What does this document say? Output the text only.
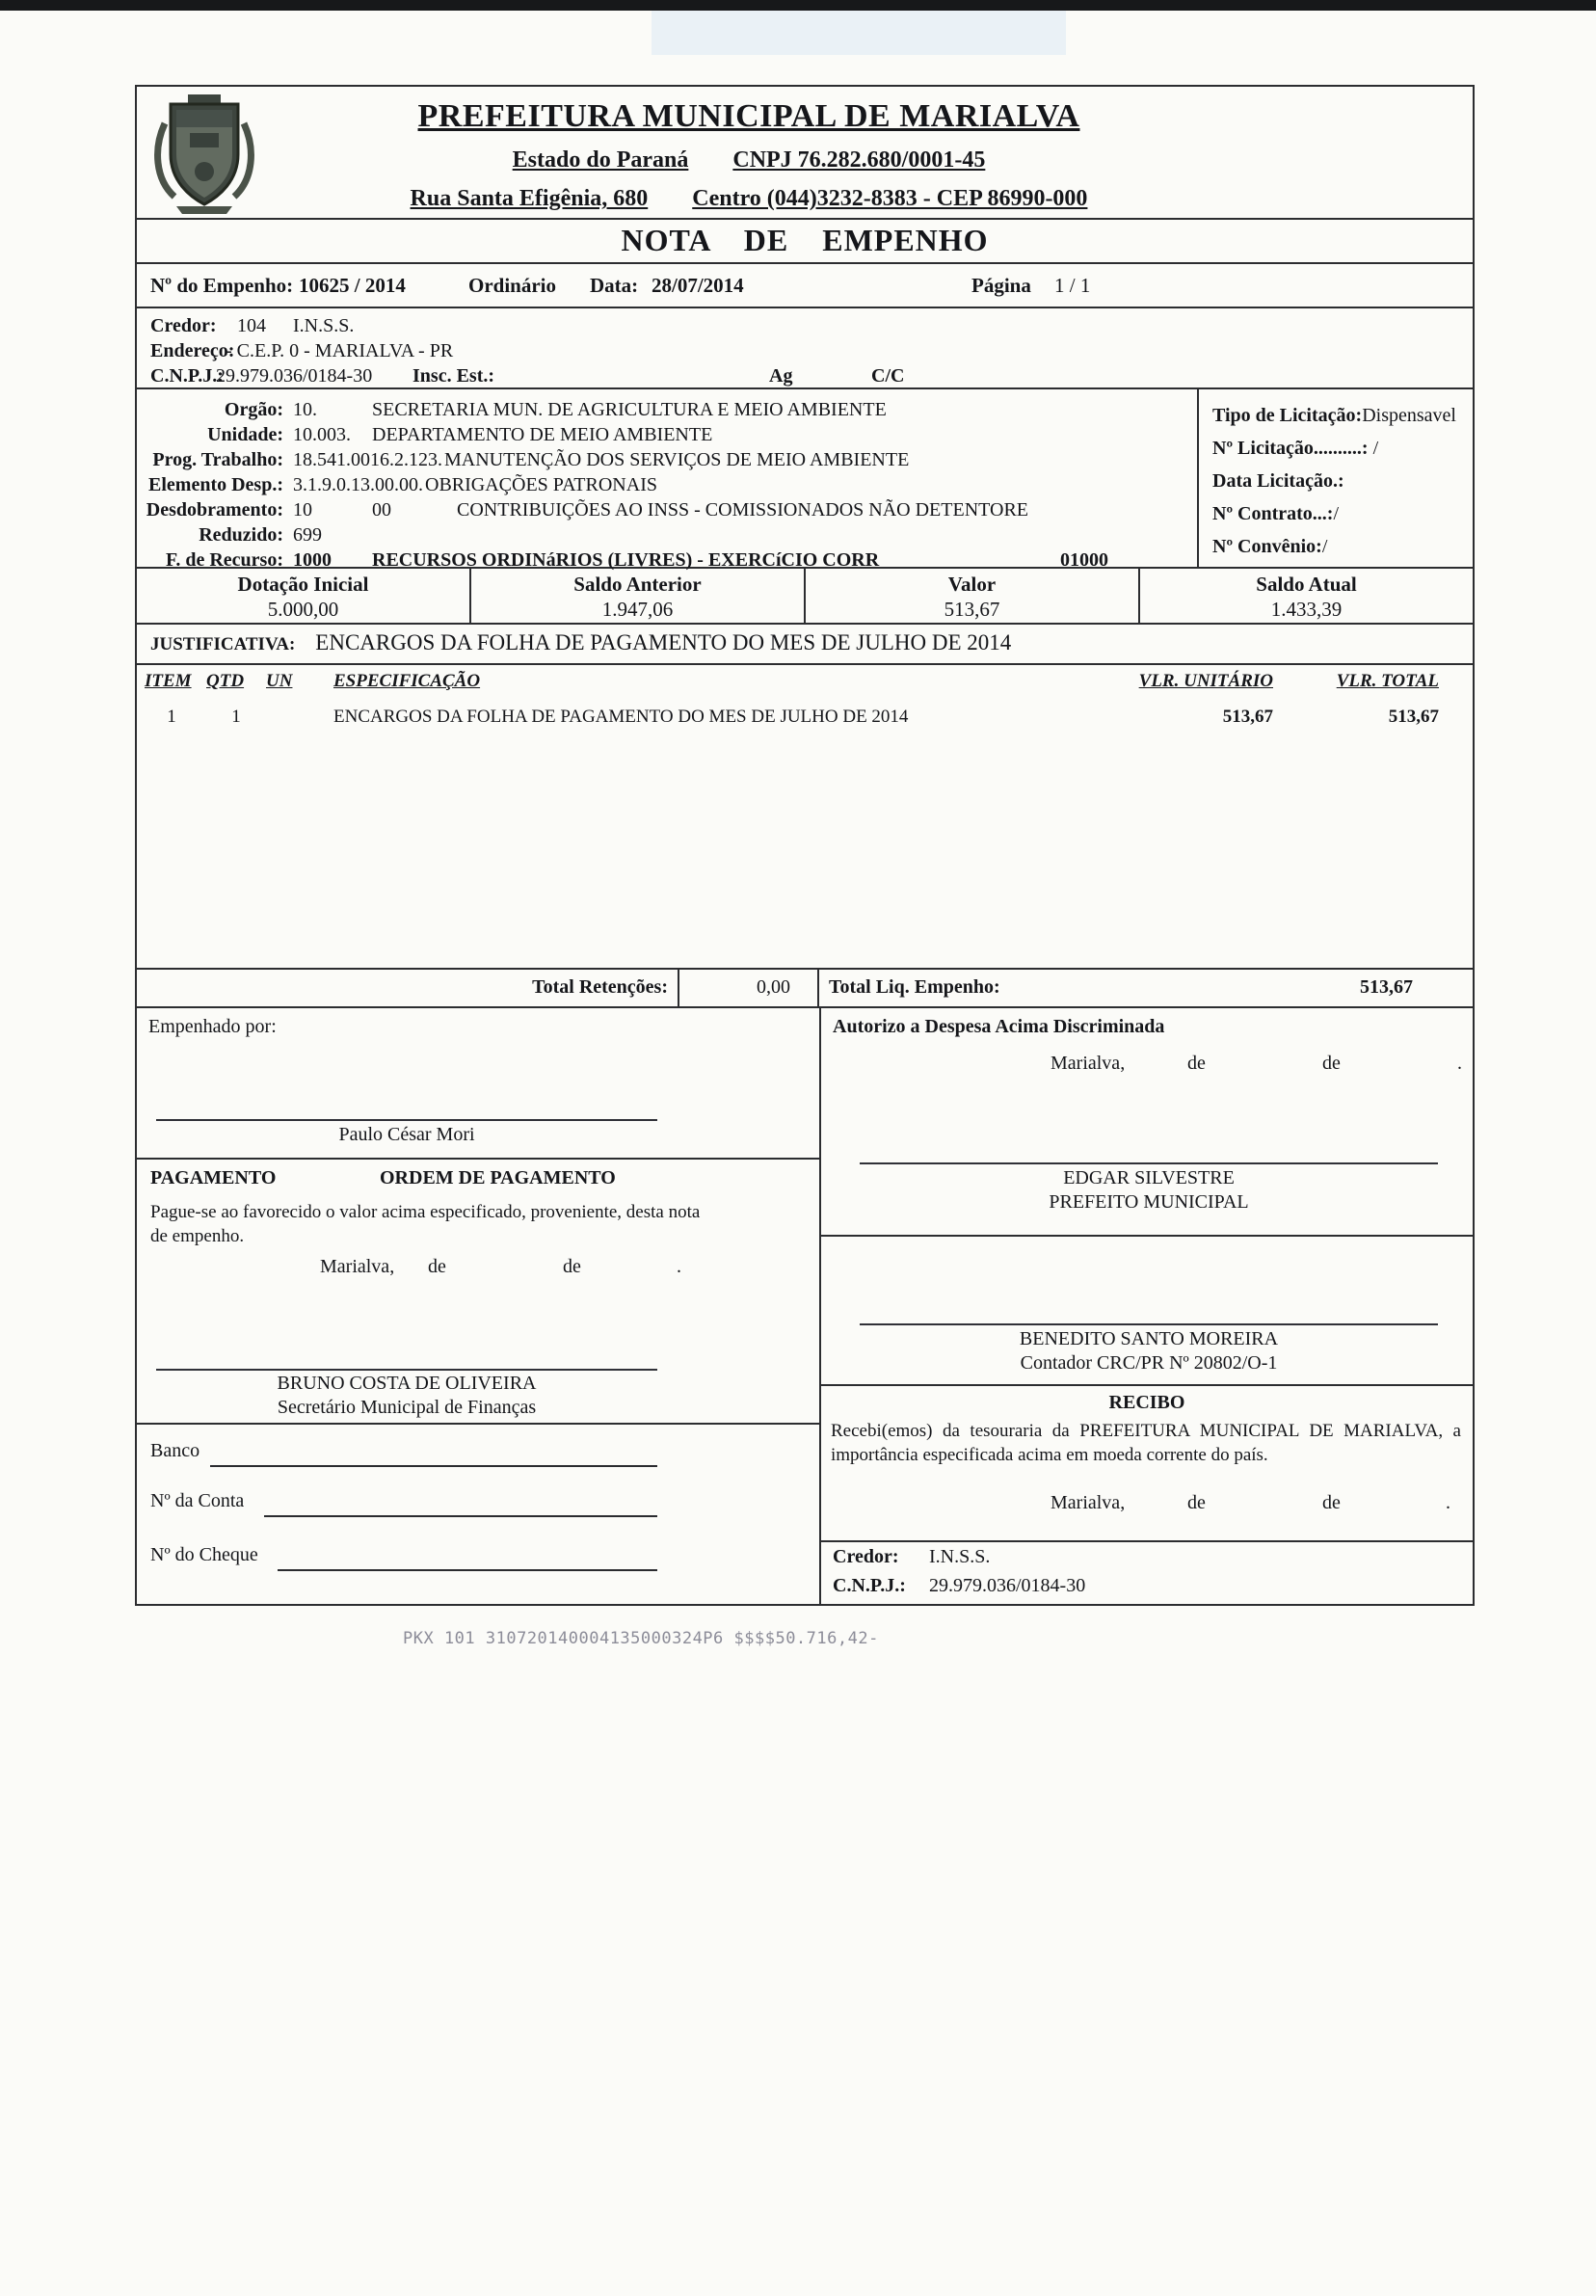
PREFEITURA MUNICIPAL DE MARIALVA
Estado do Paraná CNPJ 76.282.680/0001-45
Rua Santa Efigênia, 680 Centro (044)3232-8383 - CEP 86990-000
NOTA DE EMPENHO
Nº do Empenho: 10625 / 2014	Ordinário Data: 28/07/2014	Página 1 / 1
Credor: 104 I.N.S.S.
Endereço:
- C.E.P. 0 - MARIALVA - PR
C.N.P.J.:
29.979.036/0184-30 Insc. Est.:	Ag	C/C
Orgão: 10.	SECRETARIA MUN. DE AGRICULTURA E MEIO AMBIENTE
Unidade: 10.003.	DEPARTAMENTO DE MEIO AMBIENTE
Prog. Trabalho: 18.541.0016.2.123. MANUTENÇÃO DOS SERVIÇOS DE MEIO AMBIENTE
Elemento Desp.: 3.1.9.0.13.00.00. OBRIGAÇÕES PATRONAIS
Desdobramento: 10	00	CONTRIBUIÇÕES AO INSS - COMISSIONADOS NÃO DETENTORE
Reduzido: 699
F. de Recurso: 1000	RECURSOS ORDINáRIOS (LIVRES) - EXERCíCIO CORR	01000
Tipo de Licitação:Dispensavel
Nº Licitação..........: /
Data Licitação.:
Nº Contrato...:/
Nº Convênio:/
Dotação Inicial
5.000,00
Saldo Anterior
1.947,06
Valor
513,67
Saldo Atual
1.433,39
JUSTIFICATIVA: ENCARGOS DA FOLHA DE PAGAMENTO DO MES DE JULHO DE 2014
ITEM QTD	UN	ESPECIFICAÇÃO	VLR. UNITÁRIO	VLR. TOTAL
1	1	ENCARGOS DA FOLHA DE PAGAMENTO DO MES DE JULHO DE 2014	513,67	513,67
Total Retenções:	0,00	Total Liq. Empenho:	513,67
Empenhado por:
Paulo César Mori
PAGAMENTO	ORDEM DE PAGAMENTO
Pague-se ao favorecido o valor acima especificado, proveniente, desta nota de empenho.
Marialva, de	de	.
BRUNO COSTA DE OLIVEIRA
Secretário Municipal de Finanças
Banco
Nº da Conta
Nº do Cheque
Autorizo a Despesa Acima Discriminada
Marialva,	de	de	.
EDGAR SILVESTRE
PREFEITO MUNICIPAL
BENEDITO SANTO MOREIRA
Contador CRC/PR Nº 20802/O-1
RECIBO
Recebi(emos) da tesouraria da PREFEITURA MUNICIPAL DE MARIALVA, a importância especificada acima em moeda corrente do país.
Marialva,	de	de	.
Credor: I.N.S.S.
C.N.P.J.: 29.979.036/0184-30
PKX 101 310720140004135000324P6 $$$$50.716,42-
